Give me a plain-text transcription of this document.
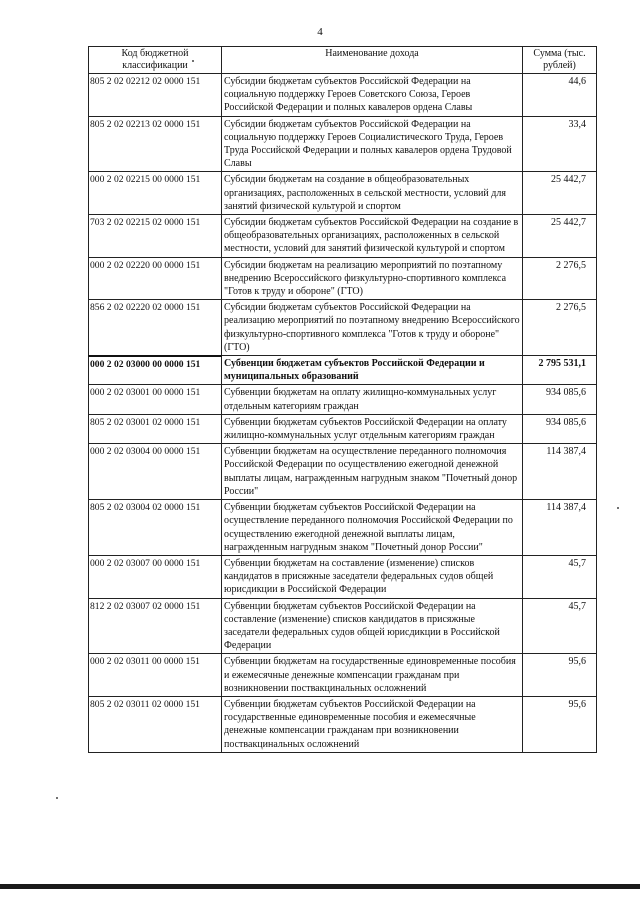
4
Код бюджетной классификации	Наименование дохода	Сумма (тыс. рублей)
805 2 02 02212 02 0000 151	Субсидии бюджетам субъектов Российской Федерации на социальную поддержку Героев Советского Союза, Героев Российской Федерации и полных кавалеров ордена Славы	44,6
805 2 02 02213 02 0000 151	Субсидии бюджетам субъектов Российской Федерации на социальную поддержку Героев Социалистического Труда, Героев Труда Российской Федерации и полных кавалеров ордена Трудовой Славы	33,4
000 2 02 02215 00 0000 151	Субсидии бюджетам на создание в общеобразовательных организациях, расположенных в сельской местности, условий для занятий физической культурой и спортом	25 442,7
703 2 02 02215 02 0000 151	Субсидии бюджетам субъектов Российской Федерации на создание в общеобразовательных организациях, расположенных в сельской местности, условий для занятий физической культурой и спортом	25 442,7
000 2 02 02220 00 0000 151	Субсидии бюджетам на реализацию мероприятий по поэтапному внедрению Всероссийского физкультурно-спортивного комплекса "Готов к труду и обороне" (ГТО)	2 276,5
856 2 02 02220 02 0000 151	Субсидии бюджетам субъектов Российской Федерации на реализацию мероприятий по поэтапному внедрению Всероссийского физкультурно-спортивного комплекса "Готов к труду и обороне" (ГТО)	2 276,5
000 2 02 03000 00 0000 151	Субвенции бюджетам субъектов Российской Федерации и муниципальных образований	2 795 531,1
000 2 02 03001 00 0000 151	Субвенции бюджетам на оплату жилищно-коммунальных услуг отдельным категориям граждан	934 085,6
805 2 02 03001 02 0000 151	Субвенции бюджетам субъектов Российской Федерации на оплату жилищно-коммунальных услуг отдельным категориям граждан	934 085,6
000 2 02 03004 00 0000 151	Субвенции бюджетам на осуществление переданного полномочия Российской Федерации по осуществлению ежегодной денежной выплаты лицам, награжденным нагрудным знаком "Почетный донор России"	114 387,4
805 2 02 03004 02 0000 151	Субвенции бюджетам субъектов Российской Федерации на осуществление переданного полномочия Российской Федерации по осуществлению ежегодной денежной выплаты лицам, награжденным нагрудным знаком "Почетный донор России"	114 387,4
000 2 02 03007 00 0000 151	Субвенции бюджетам на составление (изменение) списков кандидатов в присяжные заседатели федеральных судов общей юрисдикции в Российской Федерации	45,7
812 2 02 03007 02 0000 151	Субвенции бюджетам субъектов Российской Федерации на составление (изменение) списков кандидатов в присяжные заседатели федеральных судов общей юрисдикции в Российской Федерации	45,7
000 2 02 03011 00 0000 151	Субвенции бюджетам на государственные единовременные пособия и ежемесячные денежные компенсации гражданам при возникновении поствакцинальных осложнений	95,6
805 2 02 03011 02 0000 151	Субвенции бюджетам субъектов Российской Федерации на государственные единовременные пособия и ежемесячные денежные компенсации гражданам при возникновении поствакцинальных осложнений	95,6
